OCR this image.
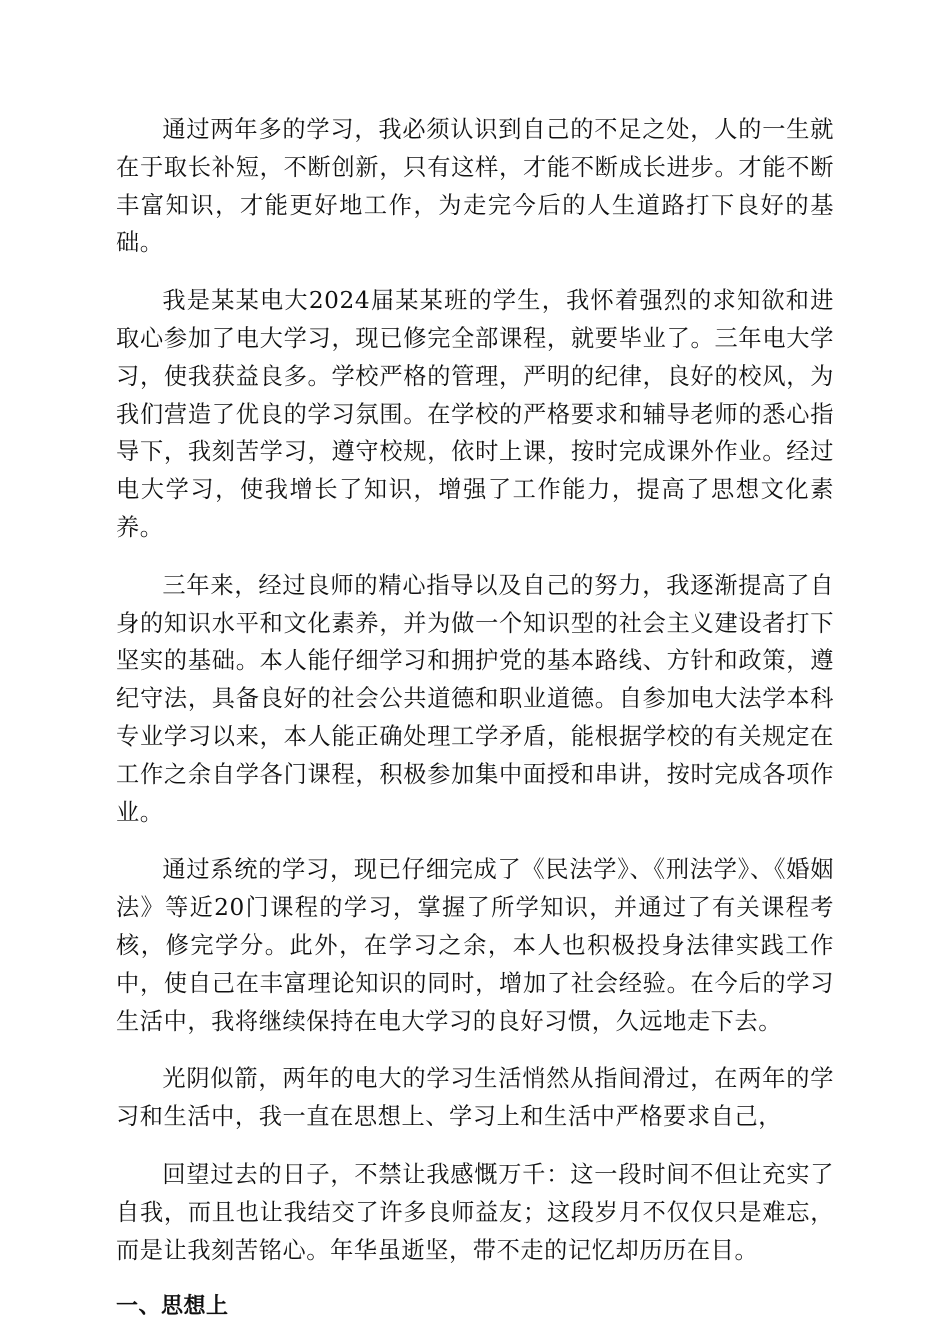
通过两年多的学习，我必须认识到自己的不足之处，人的一生就在于取长补短，不断创新，只有这样，才能不断成长进步。才能不断丰富知识，才能更好地工作，为走完今后的人生道路打下良好的基础。

我是某某电大2024届某某班的学生，我怀着强烈的求知欲和进取心参加了电大学习，现已修完全部课程，就要毕业了。三年电大学习，使我获益良多。学校严格的管理，严明的纪律，良好的校风，为我们营造了优良的学习氛围。在学校的严格要求和辅导老师的悉心指导下，我刻苦学习，遵守校规，依时上课，按时完成课外作业。经过电大学习，使我增长了知识，增强了工作能力，提高了思想文化素养。

三年来，经过良师的精心指导以及自己的努力，我逐渐提高了自身的知识水平和文化素养，并为做一个知识型的社会主义建设者打下坚实的基础。本人能仔细学习和拥护党的基本路线、方针和政策，遵纪守法，具备良好的社会公共道德和职业道德。自参加电大法学本科专业学习以来，本人能正确处理工学矛盾，能根据学校的有关规定在工作之余自学各门课程，积极参加集中面授和串讲，按时完成各项作业。

通过系统的学习，现已仔细完成了《民法学》、《刑法学》、《婚姻法》等近20门课程的学习，掌握了所学知识，并通过了有关课程考核，修完学分。此外，在学习之余，本人也积极投身法律实践工作中，使自己在丰富理论知识的同时，增加了社会经验。在今后的学习生活中，我将继续保持在电大学习的良好习惯，久远地走下去。

光阴似箭，两年的电大的学习生活悄然从指间滑过，在两年的学习和生活中，我一直在思想上、学习上和生活中严格要求自己，

回望过去的日子，不禁让我感慨万千：这一段时间不但让充实了自我，而且也让我结交了许多良师益友；这段岁月不仅仅只是难忘，而是让我刻苦铭心。年华虽逝坚，带不走的记忆却历历在目。

一、思想上
